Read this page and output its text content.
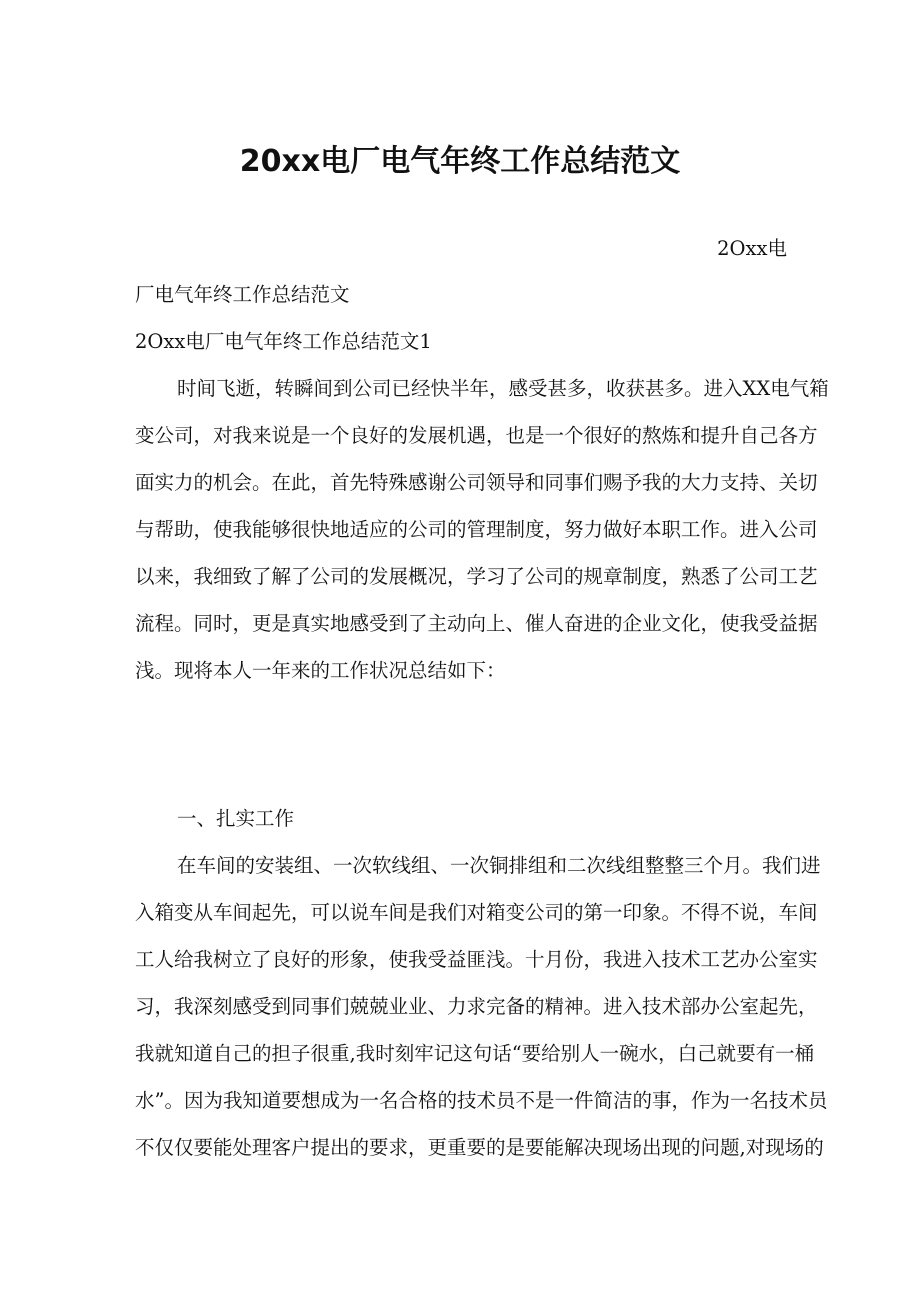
20xx电厂电气年终工作总结范文
2Oxx电
厂电气年终工作总结范文
2Oxx电厂电气年终工作总结范文1
时间飞逝，转瞬间到公司已经快半年，感受甚多，收获甚多。进入XX电气箱
变公司，对我来说是一个良好的发展机遇，也是一个很好的熬炼和提升自己各方
面实力的机会。在此，首先特殊感谢公司领导和同事们赐予我的大力支持、关切
与帮助，使我能够很快地适应的公司的管理制度，努力做好本职工作。进入公司
以来，我细致了解了公司的发展概况，学习了公司的规章制度，熟悉了公司工艺
流程。同时，更是真实地感受到了主动向上、催人奋进的企业文化，使我受益据
浅。现将本人一年来的工作状况总结如下：
一、扎实工作
在车间的安装组、一次软线组、一次铜排组和二次线组整整三个月。我们进
入箱变从车间起先，可以说车间是我们对箱变公司的第一印象。不得不说，车间
工人给我树立了良好的形象，使我受益匪浅。十月份，我进入技术工艺办公室实
习，我深刻感受到同事们兢兢业业、力求完备的精神。进入技术部办公室起先，
我就知道自己的担子很重,我时刻牢记这句话“要给别人一碗水，白己就要有一桶
水”。因为我知道要想成为一名合格的技术员不是一件简洁的事，作为一名技术员
不仅仅要能处理客户提出的要求，更重要的是要能解决现场出现的问题,对现场的
